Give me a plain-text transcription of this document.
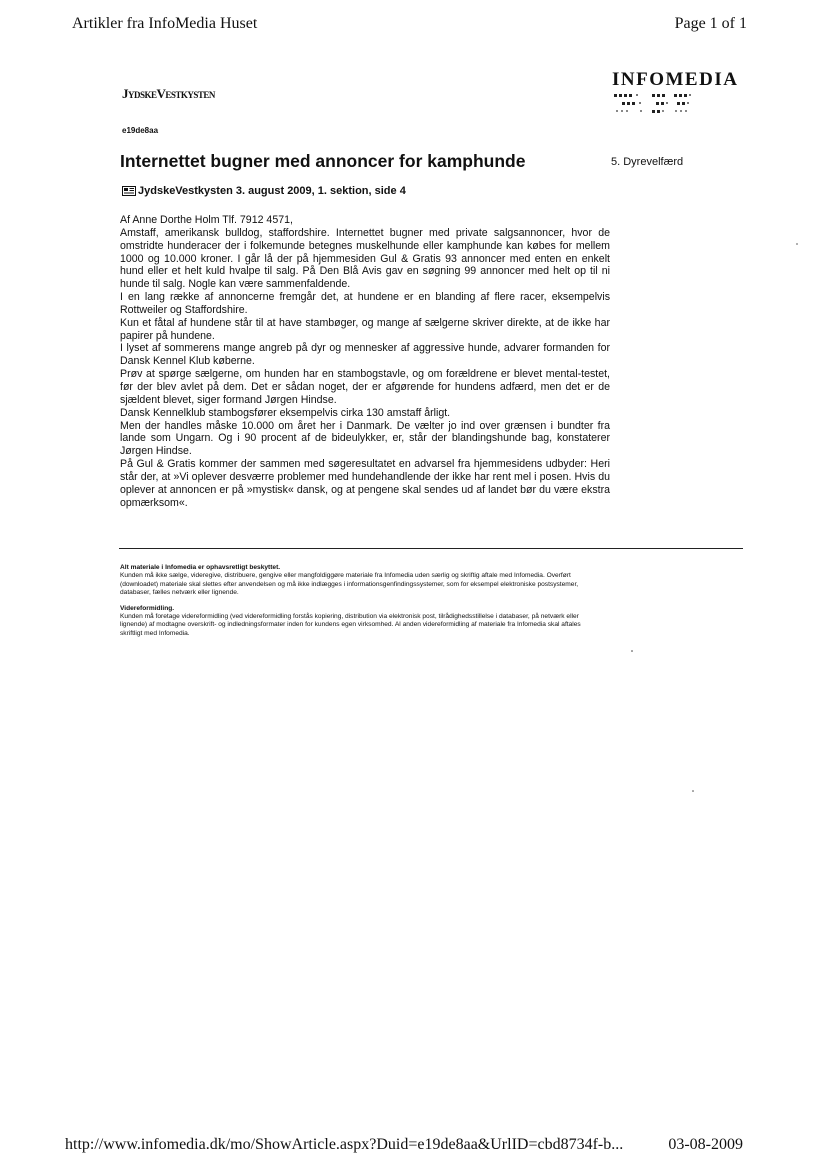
Artikler fra InfoMedia Huset	Page 1 of 1
JydskeVestkysten
INFOMEDIA
e19de8aa
Internettet bugner med annoncer for kamphunde	5. Dyrevelfærd
JydskeVestkysten 3. august 2009, 1. sektion, side 4

Af Anne Dorthe Holm Tlf. 7912 4571,

Amstaff, amerikansk bulldog, staffordshire. Internettet bugner med private salgsannoncer, hvor de omstridte hunderacer der i folkemunde betegnes muskelhunde eller kamphunde kan købes for mellem 1000 og 10.000 kroner. I går lå der på hjemmesiden Gul & Gratis 93 annoncer med enten en enkelt hund eller et helt kuld hvalpe til salg. På Den Blå Avis gav en søgning 99 annoncer med helt op til ni hunde til salg. Nogle kan være sammenfaldende.

I en lang række af annoncerne fremgår det, at hundene er en blanding af flere racer, eksempelvis Rottweiler og Staffordshire.

Kun et fåtal af hundene står til at have stambøger, og mange af sælgerne skriver direkte, at de ikke har papirer på hundene.

I lyset af sommerens mange angreb på dyr og mennesker af aggressive hunde, advarer formanden for Dansk Kennel Klub køberne.

Prøv at spørge sælgerne, om hunden har en stambogstavle, og om forældrene er blevet mental-testet, før der blev avlet på dem. Det er sådan noget, der er afgørende for hundens adfærd, men det er de sjældent blevet, siger formand Jørgen Hindse.

Dansk Kennelklub stambogsfører eksempelvis cirka 130 amstaff årligt.

Men der handles måske 10.000 om året her i Danmark. De vælter jo ind over grænsen i bundter fra lande som Ungarn. Og i 90 procent af de bideulykker, er, står der blandingshunde bag, konstaterer Jørgen Hindse.

På Gul & Gratis kommer der sammen med søgeresultatet en advarsel fra hjemmesidens udbyder: Heri står der, at »Vi oplever desværre problemer med hundehandlende der ikke har rent mel i posen. Hvis du oplever at annoncen er på »mystisk« dansk, og at pengene skal sendes ud af landet bør du være ekstra opmærksom«.

Alt materiale i Infomedia er ophavsretligt beskyttet.

Kunden må ikke sælge, videregive, distribuere, gengive eller mangfoldiggøre materiale fra Infomedia uden særlig og skriftig aftale med Infomedia. Overført (downloadet) materiale skal slettes efter anvendelsen og må ikke indlægges i informationsgenfindingssystemer, som for eksempel elektroniske postsystemer, databaser, fælles netværk eller lignende.

Videreformidling.

Kunden må foretage videreformidling (ved videreformidling forstås kopiering, distribution via elektronisk post, tilrådighedsstillelse i databaser, på netværk eller lignende) af modtagne overskrift- og indledningsformater inden for kundens egen virksomhed. Al anden videreformidling af materiale fra Infomedia skal aftales skriftligt med Infomedia.

http://www.infomedia.dk/mo/ShowArticle.aspx?Duid=e19de8aa&UrlID=cbd8734f-b...	03-08-2009
